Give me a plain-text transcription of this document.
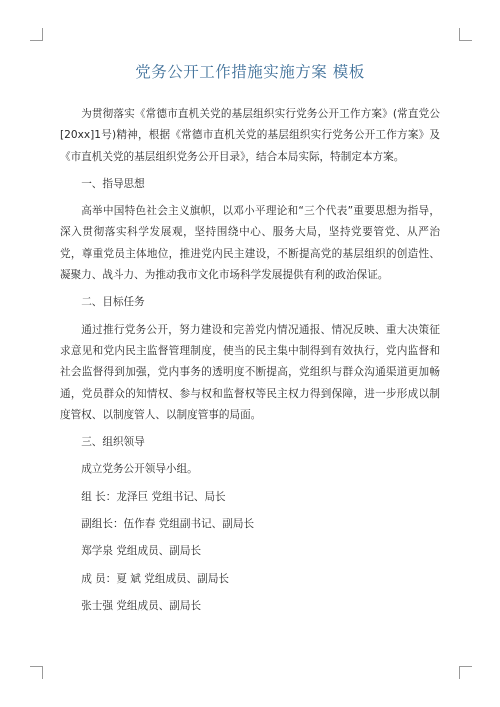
党务公开工作措施实施方案 模板

为贯彻落实《常德市直机关党的基层组织实行党务公开工作方案》(常直党公[20xx]1号)精神，根据《常德市直机关党的基层组织实行党务公开工作方案》及《市直机关党的基层组织党务公开目录》，结合本局实际，特制定本方案。

一、指导思想

高举中国特色社会主义旗帜，以邓小平理论和“三个代表”重要思想为指导，深入贯彻落实科学发展观，坚持围绕中心、服务大局，坚持党要管党、从严治党，尊重党员主体地位，推进党内民主建设，不断提高党的基层组织的创造性、凝聚力、战斗力、为推动我市文化市场科学发展提供有利的政治保证。

二、目标任务

通过推行党务公开，努力建设和完善党内情况通报、情况反映、重大决策征求意见和党内民主监督管理制度，使当的民主集中制得到有效执行，党内监督和社会监督得到加强，党内事务的透明度不断提高，党组织与群众沟通渠道更加畅通，党员群众的知情权、参与权和监督权等民主权力得到保障，进一步形成以制度管权、以制度管人、以制度管事的局面。

三、组织领导
成立党务公开领导小组。
组 长：龙泽巨 党组书记、局长
副组长：伍作春 党组副书记、副局长
郑学泉 党组成员、副局长
成 员：夏 斌 党组成员、副局长
张士强 党组成员、副局长
